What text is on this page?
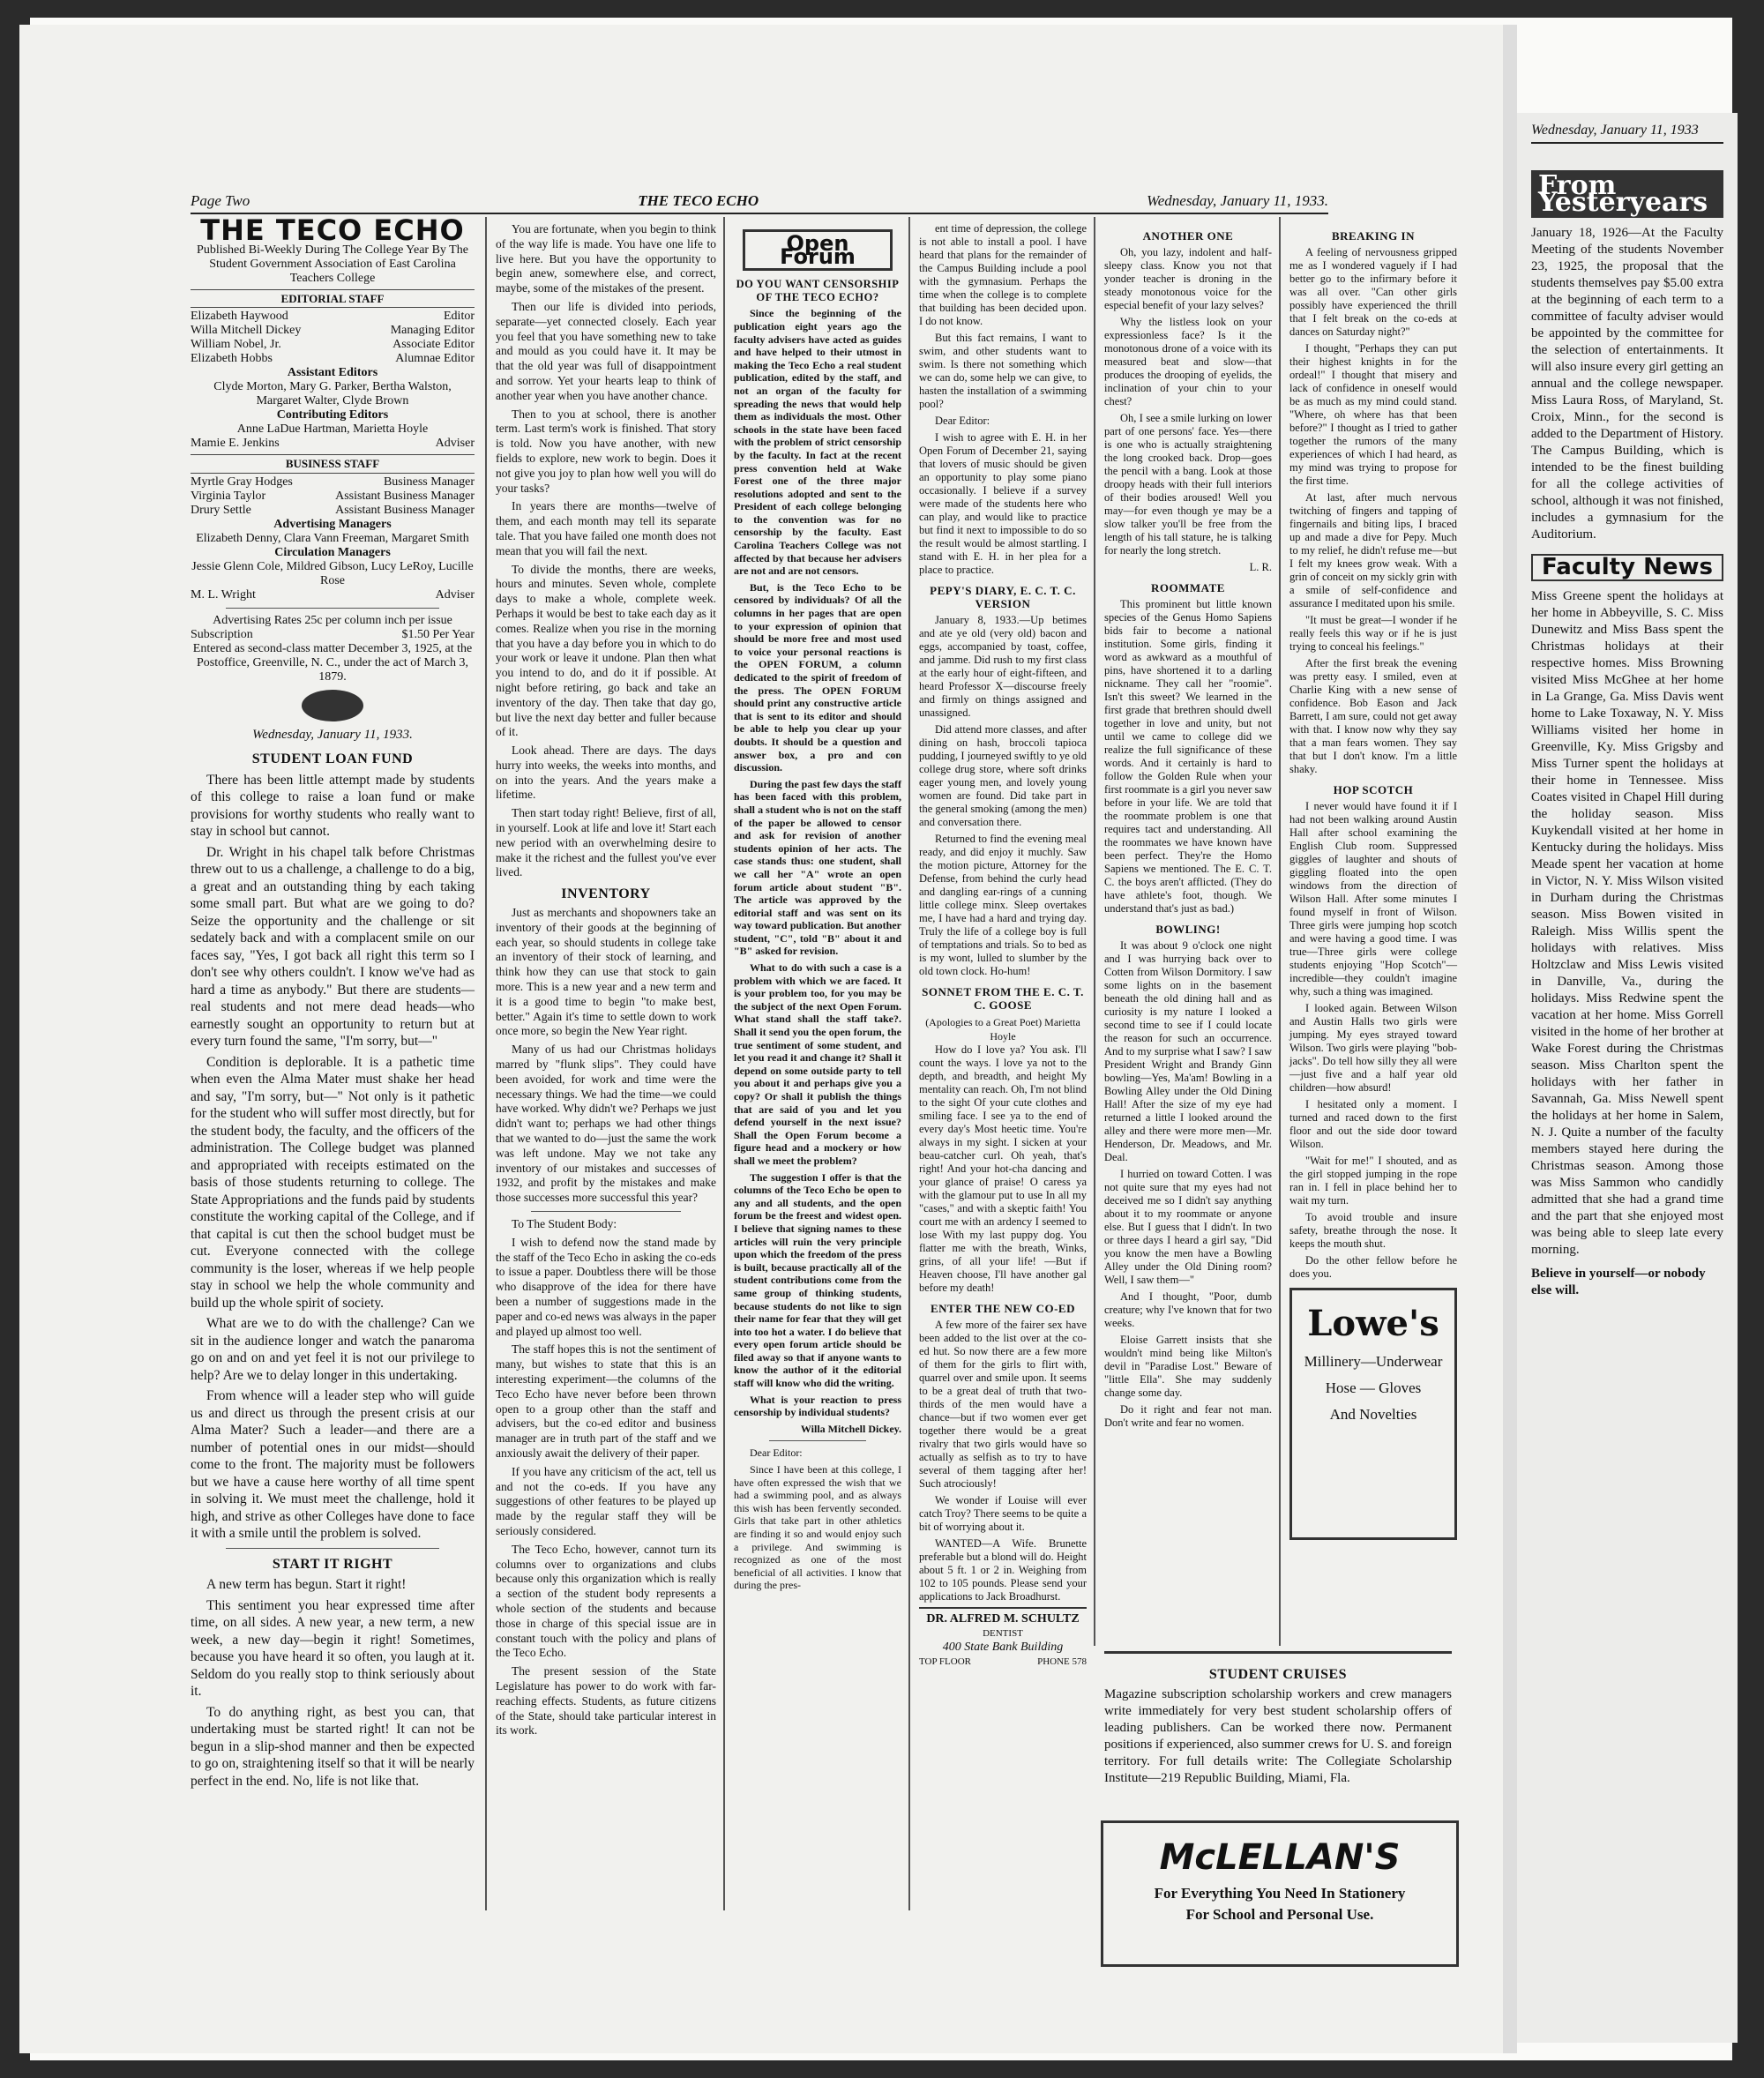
Wednesday, January 11, 1933
From Yesteryears
January 18, 1926—At the Faculty Meeting of the students November 23, 1925, the proposal that the students themselves pay $5.00 extra at the beginning of each term to a committee of faculty adviser would be appointed by the committee for the selection of entertainments. It will also insure every girl getting an annual and the college newspaper. Miss Laura Ross, of Maryland, St. Croix, Minn., for the second is added to the Department of History. The Campus Building, which is intended to be the finest building for all the college activities of school, although it was not finished, includes a gymnasium for the Auditorium.
Faculty News
Miss Greene spent the holidays at her home in Abbeyville, S. C. Miss Dunewitz and Miss Bass spent the Christmas holidays at their respective homes. Miss Browning visited Miss McGhee at her home in La Grange, Ga. Miss Davis went home to Lake Toxaway, N. Y. Miss Williams visited her home in Greenville, Ky. Miss Grigsby and Miss Turner spent the holidays at their home in Tennessee. Miss Coates visited in Chapel Hill during the holiday season. Miss Kuykendall visited at her home in Kentucky during the holidays. Miss Meade spent her vacation at home in Victor, N. Y. Miss Wilson visited in Durham during the Christmas season. Miss Bowen visited in Raleigh. Miss Willis spent the holidays with relatives. Miss Holtzclaw and Miss Lewis visited in Danville, Va., during the holidays. Miss Redwine spent the vacation at her home. Miss Gorrell visited in the home of her brother at Wake Forest during the Christmas season. Miss Charlton spent the holidays with her father in Savannah, Ga. Miss Newell spent the holidays at her home in Salem, N. J. Quite a number of the faculty members stayed here during the Christmas season. Among those was Miss Sammon who candidly admitted that she had a grand time and the part that she enjoyed most was being able to sleep late every morning.
Believe in yourself—or nobody else will.
Page Two	THE TECO ECHO	Wednesday, January 11, 1933.
THE TECO ECHO
Published Bi-Weekly During The College Year By The Student Government Association of East Carolina Teachers College
EDITORIAL STAFF
Elizabeth Haywood	Editor
Willa Mitchell Dickey	Managing Editor
William Nobel, Jr.	Associate Editor
Elizabeth Hobbs	Alumnae Editor
Assistant Editors
Clyde Morton, Mary G. Parker, Bertha Walston, Margaret Walter, Clyde Brown
Contributing Editors
Anne LaDue Hartman, Marietta Hoyle
Mamie E. Jenkins	Adviser
BUSINESS STAFF
Myrtle Gray Hodges	Business Manager
Virginia Taylor	Assistant Business Manager
Drury Settle	Assistant Business Manager
Advertising Managers
Elizabeth Denny, Clara Vann Freeman, Margaret Smith
Circulation Managers
Jessie Glenn Cole, Mildred Gibson, Lucy LeRoy, Lucille Rose
M. L. Wright	Adviser
Advertising Rates 25c per column inch per issue
Subscription	$1.50 Per Year
Entered as second-class matter December 3, 1925, at the Postoffice, Greenville, N. C., under the act of March 3, 1879.
Wednesday, January 11, 1933.
STUDENT LOAN FUND

There has been little attempt made by students of this college to raise a loan fund or make provisions for worthy students who really want to stay in school but cannot.

Dr. Wright in his chapel talk before Christmas threw out to us a challenge, a challenge to do a big, a great and an outstanding thing by each taking some small part. But what are we going to do? Seize the opportunity and the challenge or sit sedately back and with a complacent smile on our faces say, "Yes, I got back all right this term so I don't see why others couldn't. I know we've had as hard a time as anybody." But there are students—real students and not mere dead heads—who earnestly sought an opportunity to return but at every turn found the same, "I'm sorry, but—"

Condition is deplorable. It is a pathetic time when even the Alma Mater must shake her head and say, "I'm sorry, but—" Not only is it pathetic for the student who will suffer most directly, but for the student body, the faculty, and the officers of the administration. The College budget was planned and appropriated with receipts estimated on the basis of those students returning to college. The State Appropriations and the funds paid by students constitute the working capital of the College, and if that capital is cut then the school budget must be cut. Everyone connected with the college community is the loser, whereas if we help people stay in school we help the whole community and build up the whole spirit of society.

What are we to do with the challenge? Can we sit in the audience longer and watch the panaroma go on and on and yet feel it is not our privilege to help? Are we to delay longer in this undertaking.

From whence will a leader step who will guide us and direct us through the present crisis at our Alma Mater? Such a leader—and there are a number of potential ones in our midst—should come to the front. The majority must be followers but we have a cause here worthy of all time spent in solving it. We must meet the challenge, hold it high, and strive as other Colleges have done to face it with a smile until the problem is solved.

START IT RIGHT

A new term has begun. Start it right!

This sentiment you hear expressed time after time, on all sides. A new year, a new term, a new week, a new day—begin it right! Sometimes, because you have heard it so often, you laugh at it. Seldom do you really stop to think seriously about it.

To do anything right, as best you can, that undertaking must be started right! It can not be begun in a slip-shod manner and then be expected to go on, straightening itself so that it will be nearly perfect in the end. No, life is not like that.

You are fortunate, when you begin to think of the way life is made. You have one life to live here. But you have the opportunity to begin anew, somewhere else, and correct, maybe, some of the mistakes of the present.

Then our life is divided into periods, separate—yet connected closely. Each year you feel that you have something new to take and mould as you could have it. It may be that the old year was full of disappointment and sorrow. Yet your hearts leap to think of another year when you have another chance.

Then to you at school, there is another term. Last term's work is finished. That story is told. Now you have another, with new fields to explore, new work to begin. Does it not give you joy to plan how well you will do your tasks?

In years there are months—twelve of them, and each month may tell its separate tale. That you have failed one month does not mean that you will fail the next.

To divide the months, there are weeks, hours and minutes. Seven whole, complete days to make a whole, complete week. Perhaps it would be best to take each day as it comes. Realize when you rise in the morning that you have a day before you in which to do your work or leave it undone. Plan then what you intend to do, and do it if possible. At night before retiring, go back and take an inventory of the day. Then take that day go, but live the next day better and fuller because of it.

Look ahead. There are days. The days hurry into weeks, the weeks into months, and on into the years. And the years make a lifetime.

Then start today right! Believe, first of all, in yourself. Look at life and love it! Start each new period with an overwhelming desire to make it the richest and the fullest you've ever lived.

INVENTORY

Just as merchants and shopowners take an inventory of their goods at the beginning of each year, so should students in college take an inventory of their stock of learning, and think how they can use that stock to gain more. This is a new year and a new term and it is a good time to begin "to make best, better." Again it's time to settle down to work once more, so begin the New Year right.

Many of us had our Christmas holidays marred by "flunk slips". They could have been avoided, for work and time were the necessary things. We had the time—we could have worked. Why didn't we? Perhaps we just didn't want to; perhaps we had other things that we wanted to do—just the same the work was left undone. May we not take any inventory of our mistakes and successes of 1932, and profit by the mistakes and make those successes more successful this year?

To The Student Body:

I wish to defend now the stand made by the staff of the Teco Echo in asking the co-eds to issue a paper. Doubtless there will be those who disapprove of the idea for there have been a number of suggestions made in the paper and co-ed news was always in the paper and played up almost too well.

The staff hopes this is not the sentiment of many, but wishes to state that this is an interesting experiment—the columns of the Teco Echo have never before been thrown open to a group other than the staff and advisers, but the co-ed editor and business manager are in truth part of the staff and we anxiously await the delivery of their paper.

If you have any criticism of the act, tell us and not the co-eds. If you have any suggestions of other features to be played up made by the regular staff they will be seriously considered.

The Teco Echo, however, cannot turn its columns over to organizations and clubs because only this organization which is really a section of the student body represents a whole section of the students and because those in charge of this special issue are in constant touch with the policy and plans of the Teco Echo.

The present session of the State Legislature has power to do work with far-reaching effects. Students, as future citizens of the State, should take particular interest in its work.

Open Forum
DO YOU WANT CENSORSHIP OF THE TECO ECHO?

Since the beginning of the publication eight years ago the faculty advisers have acted as guides and have helped to their utmost in making the Teco Echo a real student publication, edited by the staff, and not an organ of the faculty for spreading the news that would help them as individuals the most. Other schools in the state have been faced with the problem of strict censorship by the faculty. In fact at the recent press convention held at Wake Forest one of the three major resolutions adopted and sent to the President of each college belonging to the convention was for no censorship by the faculty. East Carolina Teachers College was not affected by that because her advisers are not and are not censors.

But, is the Teco Echo to be censored by individuals? Of all the columns in her pages that are open to your expression of opinion that should be more free and most used to voice your personal reactions is the OPEN FORUM, a column dedicated to the spirit of freedom of the press. The OPEN FORUM should print any constructive article that is sent to its editor and should be able to help you clear up your doubts. It should be a question and answer box, a pro and con discussion.

During the past few days the staff has been faced with this problem, shall a student who is not on the staff of the paper be allowed to censor and ask for revision of another students opinion of her acts. The case stands thus: one student, shall we call her "A" wrote an open forum article about student "B". The article was approved by the editorial staff and was sent on its way toward publication. But another student, "C", told "B" about it and "B" asked for revision.

What to do with such a case is a problem with which we are faced. It is your problem too, for you may be the subject of the next Open Forum. What stand shall the staff take?. Shall it send you the open forum, the true sentiment of some student, and let you read it and change it? Shall it depend on some outside party to tell you about it and perhaps give you a copy? Or shall it publish the things that are said of you and let you defend yourself in the next issue? Shall the Open Forum become a figure head and a mockery or how shall we meet the problem?

The suggestion I offer is that the columns of the Teco Echo be open to any and all students, and the open forum be the freest and widest open. I believe that signing names to these articles will ruin the very principle upon which the freedom of the press is built, because practically all of the student contributions come from the same group of thinking students, because students do not like to sign their name for fear that they will get into too hot a water. I do believe that every open forum article should be filed away so that if anyone wants to know the author of it the editorial staff will know who did the writing.

What is your reaction to press censorship by individual students?

Willa Mitchell Dickey.

Dear Editor:

Since I have been at this college, I have often expressed the wish that we had a swimming pool, and as always this wish has been fervently seconded. Girls that take part in other athletics are finding it so and would enjoy such a privilege. And swimming is recognized as one of the most beneficial of all activities. I know that during the pres-

ent time of depression, the college is not able to install a pool. I have heard that plans for the remainder of the Campus Building include a pool with the gymnasium. Perhaps the time when the college is to complete that building has been decided upon. I do not know.

But this fact remains, I want to swim, and other students want to swim. Is there not something which we can do, some help we can give, to hasten the installation of a swimming pool?

Dear Editor:

I wish to agree with E. H. in her Open Forum of December 21, saying that lovers of music should be given an opportunity to play some piano occasionally. I believe if a survey were made of the students here who can play, and would like to practice but find it next to impossible to do so the result would be almost startling. I stand with E. H. in her plea for a place to practice.

PEPY'S DIARY, E. C. T. C. VERSION

January 8, 1933.—Up betimes and ate ye old (very old) bacon and eggs, accompanied by toast, coffee, and jamme. Did rush to my first class at the early hour of eight-fifteen, and heard Professor X—discourse freely and firmly on things assigned and unassigned.

Did attend more classes, and after dining on hash, broccoli tapioca pudding, I journeyed swiftly to ye old college drug store, where soft drinks eager young men, and lovely young women are found. Did take part in the general smoking (among the men) and conversation there.

Returned to find the evening meal ready, and did enjoy it muchly. Saw the motion picture, Attorney for the Defense, from behind the curly head and dangling ear-rings of a cunning little college minx. Sleep overtakes me, I have had a hard and trying day. Truly the life of a college boy is full of temptations and trials. So to bed as is my wont, lulled to slumber by the old town clock. Ho-hum!

SONNET FROM THE E. C. T. C. GOOSE
(Apologies to a Great Poet) Marietta Hoyle

How do I love ya? You ask. I'll count the ways. I love ya not to the depth, and breadth, and height My mentality can reach. Oh, I'm not blind to the sight Of your cute clothes and smiling face. I see ya to the end of every day's Most heetic time. You're always in my sight. I sicken at your beau-catcher curl. Oh yeah, that's right! And your hot-cha dancing and your glance of praise! O caress ya with the glamour put to use In all my "cases," and with a skeptic faith! You court me with an ardency I seemed to lose With my last puppy dog. You flatter me with the breath, Winks, grins, of all your life! —But if Heaven choose, I'll have another gal before my death!

ENTER THE NEW CO-ED

A few more of the fairer sex have been added to the list over at the co-ed hut. So now there are a few more of them for the girls to flirt with, quarrel over and smile upon. It seems to be a great deal of truth that two-thirds of the men would have a chance—but if two women ever get together there would be a great rivalry that two girls would have so actually as selfish as to try to have several of them tagging after her! Such atrociously!

We wonder if Louise will ever catch Troy? There seems to be quite a bit of worrying about it.

WANTED—A Wife. Brunette preferable but a blond will do. Height about 5 ft. 1 or 2 in. Weighing from 102 to 105 pounds. Please send your applications to Jack Broadhurst.

DR. ALFRED M. SCHULTZ
DENTIST
400 State Bank Building
TOP FLOOR	PHONE 578
ANOTHER ONE

Oh, you lazy, indolent and half-sleepy class. Know you not that yonder teacher is droning in the steady monotonous voice for the especial benefit of your lazy selves?

Why the listless look on your expressionless face? Is it the monotonous drone of a voice with its measured beat and slow—that produces the drooping of eyelids, the inclination of your chin to your chest?

Oh, I see a smile lurking on lower part of one persons' face. Yes—there is one who is actually straightening the long crooked back. Drop—goes the pencil with a bang. Look at those droopy heads with their full interiors of their bodies aroused! Well you may—for even though ye may be a slow talker you'll be free from the length of his tall stature, he is talking for nearly the long stretch.

L. R.

ROOMMATE

This prominent but little known species of the Genus Homo Sapiens bids fair to become a national institution. Some girls, finding it word as awkward as a mouthful of pins, have shortened it to a darling nickname. They call her "roomie". Isn't this sweet? We learned in the first grade that brethren should dwell together in love and unity, but not until we came to college did we realize the full significance of these words. And it certainly is hard to follow the Golden Rule when your first roommate is a girl you never saw before in your life. We are told that the roommate problem is one that requires tact and understanding. All the roommates we have known have been perfect. They're the Homo Sapiens we mentioned. The E. C. T. C. the boys aren't afflicted. (They do have athlete's foot, though. We understand that's just as bad.)

BOWLING!

It was about 9 o'clock one night and I was hurrying back over to Cotten from Wilson Dormitory. I saw some lights on in the basement beneath the old dining hall and as curiosity is my nature I looked a second time to see if I could locate the reason for such an occurrence. And to my surprise what I saw? I saw President Wright and Brandy Ginn bowling—Yes, Ma'am! Bowling in a Bowling Alley under the Old Dining Hall! After the size of my eye had returned a little I looked around the alley and there were more men—Mr. Henderson, Dr. Meadows, and Mr. Deal.

I hurried on toward Cotten. I was not quite sure that my eyes had not deceived me so I didn't say anything about it to my roommate or anyone else. But I guess that I didn't. In two or three days I heard a girl say, "Did you know the men have a Bowling Alley under the Old Dining room? Well, I saw them—"

And I thought, "Poor, dumb creature; why I've known that for two weeks.

Eloise Garrett insists that she wouldn't mind being like Milton's devil in "Paradise Lost." Beware of "little Ella". She may suddenly change some day.

Do it right and fear not man. Don't write and fear no women.

BREAKING IN

A feeling of nervousness gripped me as I wondered vaguely if I had better go to the infirmary before it was all over. "Can other girls possibly have experienced the thrill that I felt break on the co-eds at dances on Saturday night?"

I thought, "Perhaps they can put their highest knights in for the ordeal!" I thought that misery and lack of confidence in oneself would be as much as my mind could stand. "Where, oh where has that been before?" I thought as I tried to gather together the rumors of the many experiences of which I had heard, as my mind was trying to propose for the first time.

At last, after much nervous twitching of fingers and tapping of fingernails and biting lips, I braced up and made a dive for Pepy. Much to my relief, he didn't refuse me—but I felt my knees grow weak. With a grin of conceit on my sickly grin with a smile of self-confidence and assurance I meditated upon his smile.

"It must be great—I wonder if he really feels this way or if he is just trying to conceal his feelings."

After the first break the evening was pretty easy. I smiled, even at Charlie King with a new sense of confidence. Bob Eason and Jack Barrett, I am sure, could not get away with that. I know now why they say that a man fears women. They say that but I don't know. I'm a little shaky.

HOP SCOTCH

I never would have found it if I had not been walking around Austin Hall after school examining the English Club room. Suppressed giggles of laughter and shouts of giggling floated into the open windows from the direction of Wilson Hall. After some minutes I found myself in front of Wilson. Three girls were jumping hop scotch and were having a good time. I was true—Three girls were college students enjoying "Hop Scotch"—incredible—they couldn't imagine why, such a thing was imagined.

I looked again. Between Wilson and Austin Halls two girls were jumping. My eyes strayed toward Wilson. Two girls were playing "bob-jacks". Do tell how silly they all were—just five and a half year old children—how absurd!

I hesitated only a moment. I turned and raced down to the first floor and out the side door toward Wilson.

"Wait for me!" I shouted, and as the girl stopped jumping in the rope ran in. I fell in place behind her to wait my turn.

To avoid trouble and insure safety, breathe through the nose. It keeps the mouth shut.

Do the other fellow before he does you.

Lowe's
Millinery—Underwear
Hose — Gloves
And Novelties
STUDENT CRUISES
Magazine subscription scholarship workers and crew managers write immediately for very best student scholarship offers of leading publishers. Can be worked there now. Permanent positions if experienced, also summer crews for U. S. and foreign territory. For full details write: The Collegiate Scholarship Institute—219 Republic Building, Miami, Fla.
McLELLAN'S
For Everything You Need In Stationery
For School and Personal Use.
